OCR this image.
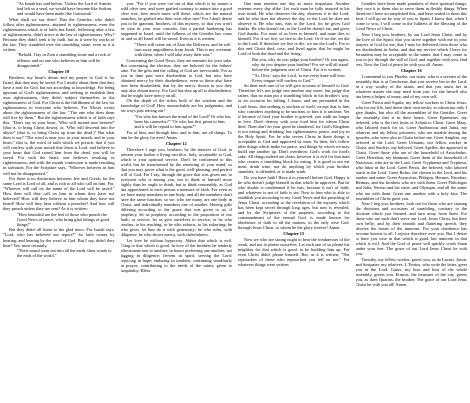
"As Isaiah has said before, 'Unless the Lord of Armies had left us a seed, we would have become like Sodom, and would have been made like Gomorrah.'

What shall we say then? That the Gentiles, who didn't follow after righteousness, attained to righteousness, even the righteousness which is of faith; but Israel, following after a law of righteousness, didn't arrive at the law of righteousness. Why? Because they didn't seek it by faith, but as it were by works of the law. They stumbled over the stumbling stone; even as it is written,

"Behold, I lay in Zion a stumbling stone and a rock of offense; and no one who believes in him will be disappointed."

Chapter 10

Brothers, my heart's desire and my prayer to God is for Israel, that they may be saved. For I testify about them that they have a zeal for God, but not according to knowledge. For being ignorant of God's righteousness, and seeking to establish their own righteousness, they didn't subject themselves to the righteousness of God. For Christ is the fulfillment of the law for righteousness to everyone who believes. For Moses writes about the righteousness of the law, "The one who does them will live by them." But the righteousness which is of faith says this, "Don't say in your heart, 'Who will ascend into heaven?' (that is, to bring Christ down); or, 'Who will descend into the abyss?' (that is, to bring Christ up from the dead.)" But what does it say? "The word is near you, in your mouth, and in your heart;" that is, the word of faith which we preach: that if you will confess with your mouth that Jesus is Lord, and believe in your heart that God raised him from the dead, you will be saved. For with the heart, one believes resulting in righteousness; and with the mouth confession is made resulting in salvation. For the Scripture says, "Whoever believes in him will not be disappointed."

For there is no distinction between Jew and Greek; for the same Lord is Lord of all, and is rich to all who call on him. For, "Whoever will call on the name of the Lord will be saved." How then will they call on him in whom they have not believed? How will they believe in him whom they have not heard? How will they hear without a preacher? And how will they preach unless they are sent? As it is written:

"How beautiful are the feet of those who preach the Good News of peace, who bring glad tidings of good things!"

But they didn't all listen to the glad news. For Isaiah says, "Lord, who has believed our report?" So faith comes by hearing, and hearing by the word of God. But I say, didn't they hear? Yes, most certainly,

"Their sound went out into all the earth, their words to the ends of the world."

you. "For if you were cut out of that which is by nature a wild olive tree, and were grafted contrary to nature into a good olive tree, how much more will these, which are the natural branches, be grafted into their own olive tree? For I don't desire you to be ignorant, brothers, of this mystery, so that you won't be wise in your own conceits, that a partial hardening has happened to Israel, until the fullness of the Gentiles has come in, and so all Israel will be saved. Even as it is written,

"There will come out of Zion the Deliverer, and he will turn away ungodliness from Jacob. This is my covenant with them, when I will take away their sins."

Concerning the Good News, they are enemies for your sake. But concerning the election, they are beloved for the fathers' sake. For the gifts and the calling of God are irrevocable. For as you in time past were disobedient to God, but now have obtained mercy by their disobedience, even so these also have now been disobedient, that by the mercy shown to you they may also obtain mercy. For God has shut up all to disobedience, that he might have mercy on all.

Oh the depth of the riches both of the wisdom and the knowledge of God! How unsearchable are his judgments, and his ways past tracing out!

"For who has known the mind of the Lord? Or who has been his counselor?" "Or who has first given to him, and it will be repaid to him again?"

For of him, and through him, and to him, are all things. To him be the glory for ever! Amen.

Chapter 12

Therefore I urge you, brothers, by the mercies of God, to present your bodies a living sacrifice, holy, acceptable to God, which is your spiritual service. Don't be conformed to this world, but be transformed by the renewing of your mind, so that you may prove what is the good, well-pleasing, and perfect will of God. For I say, through the grace that was given me, to everyone who is among you, not to think of himself more highly than he ought to think; but to think reasonably, as God has apportioned to each person a measure of faith. For even as we have many members in one body, and all the members don't have the same function, so we, who are many, are one body in Christ, and individually members one of another. Having gifts differing according to the grace that was given to us, if prophecy, let us prophesy according to the proportion of our faith; or service, let us give ourselves to service; or he who teaches, to his teaching; or he who exhorts, to his exhorting: he who gives, let him do it with generosity; he who rules, with diligence; he who shows mercy, with cheerfulness.

Let love be without hypocrisy. Abhor that which is evil. Cling to that which is good. In love of the brothers be tenderly affectionate one to another; in honor preferring one another; not lagging in diligence; fervent in spirit; serving the Lord; rejoicing in hope; enduring in troubles; continuing steadfastly in prayer; contributing to the needs of the saints; given to hospitality. Bless

One man esteems one day as more important. Another esteems every day alike. Let each man be fully assured in his own mind. He who observes the day, observes it to the Lord; and he who does not observe the day, to the Lord he does not observe it. He who eats, eats to the Lord, for he gives God thanks. He who doesn't eat, to the Lord he doesn't eat, and gives God thanks. For none of us lives to himself, and none dies to himself. For if we live, we live to the Lord. Or if we die, we die to the Lord. If therefore we live or die, we are the Lord's. For to this end Christ died, rose, and lived again, that he might be Lord of both the dead and the living.

But you, why do you judge your brother? Or you again, why do you despise your brother? For we will all stand before the judgment seat of Christ. For it is written,

"'As I live,' says the Lord, 'to me every knee will bow. Every tongue will confess to God.'"

So then each one of us will give account of himself to God. Therefore let's not judge one another any more, but judge this rather, that no man put a stumbling block in his brother's way, or an occasion for falling. I know, and am persuaded in the Lord Jesus, that nothing is unclean of itself; except that to him who considers anything to be unclean, to him it is unclean. Yet if because of food your brother is grieved, you walk no longer in love. Don't destroy with your food him for whom Christ died. Then don't let your good be slandered, for God's Kingdom is not eating and drinking, but righteousness, peace, and joy in the Holy Spirit. For he who serves Christ in these things is acceptable to God and approved by men. So then, let's follow after things which make for peace, and things by which we may build one another up. Don't overthrow God's work for food's sake. All things indeed are clean, however it is evil for that man who creates a stumbling block by eating. It is good to not eat meat, drink wine, nor do anything by which your brother stumbles, is offended, or is made weak.

Do you have faith? Have it to yourself before God. Happy is he who doesn't judge himself in that which he approves. But he who doubts is condemned if he eats, because it isn't of faith; and whatever is not of faith is sin. Now to him who is able to establish you according to my Good News and the preaching of Jesus Christ, according to the revelation of the mystery which has been kept secret through long ages, but now is revealed, and by the Scriptures of the prophets, according to the commandment of the eternal God, is made known for obedience of faith to all the nations; to the only wise God, through Jesus Christ, to whom be the glory forever! Amen.

Chapter 15

Now we who are strong ought to bear the weaknesses of the weak, and not to please ourselves. Let each one of us please his neighbor for that which is good, to be building him up. For even Christ didn't please himself. But, as it is written, "The reproaches of those who reproached you fell on me." For whatever things were written

Gentiles have been made partakers of their spiritual things, they owe it to them also to serve them in fleshly things. When therefore I have accomplished this, and have sealed to them this fruit, I will go on by way of you to Spain. I know that, when I come to you, I will come in the fullness of the blessing of the Good News of Christ.

Now I beg you, brothers, by our Lord Jesus Christ, and by the love of the Spirit, that you strive together with me in your prayers to God for me, that I may be delivered from those who are disobedient in Judea, and that my service which I have for Jerusalem may be acceptable to the saints; that I may come to you in joy through the will of God, and together with you, find rest. Now the God of peace be with you all. Amen.

Chapter 16

I commend to you Phoebe, our sister, who is a servant of the assembly that is at Cenchreae, that you receive her in the Lord, in a way worthy of the saints, and that you assist her in whatever matter she may need from you, for she herself also has been a helper of many, and of my own self.

Greet Prisca and Aquila, my fellow workers in Christ Jesus, who for my life, laid down their own necks; to whom not only I give thanks, but also all the assemblies of the Gentiles. Greet the assembly that is in their house. Greet Epaenetus, my beloved, who is the first fruits of Achaia to Christ. Greet Mary, who labored much for us. Greet Andronicus and Junia, my relatives and my fellow prisoners, who are notable among the apostles, who were also in Christ before me. Greet Amplias, my beloved in the Lord. Greet Urbanus, our fellow worker in Christ, and Stachys, my beloved. Greet Apelles, the approved in Christ. Greet those who are of the household of Aristobulus. Greet Herodion, my kinsman. Greet them of the household of Narcissus, who are in the Lord. Greet Tryphaena and Tryphosa, who labor in the Lord. Greet Persis, the beloved, who labored much in the Lord. Greet Rufus, the chosen in the Lord, and his mother and mine. Greet Asyncritus, Phlegon, Hermes, Patrobas, Hermas, and the brothers who are with them. Greet Philologus and Julia, Nereus and his sister, and Olympas, and all the saints who are with them. Greet one another with a holy kiss. The assemblies of Christ greet you.

Now I beg you, brothers, look out for those who are causing the divisions and occasions of stumbling, contrary to the doctrine which you learned, and turn away from them. For those who are such don't serve our Lord, Jesus Christ, but their own belly; and by their smooth and flattering speech, they deceive the hearts of the innocent. For your obedience has become known to all. I rejoice therefore over you. But I desire to have you wise in that which is good, but innocent in that which is evil. And the God of peace will quickly crush Satan under your feet. The grace of our Lord Jesus Christ be with you.

Timothy, my fellow worker, greets you, as do Lucius, Jason, and Sosipater, my relatives. I, Tertius, who write the letter, greet you in the Lord. Gaius, my host and host of the whole assembly, greets you. Erastus, the treasurer of the city, greets you, as does Quartus, the brother. The grace of our Lord Jesus Christ be with you all! Amen.
